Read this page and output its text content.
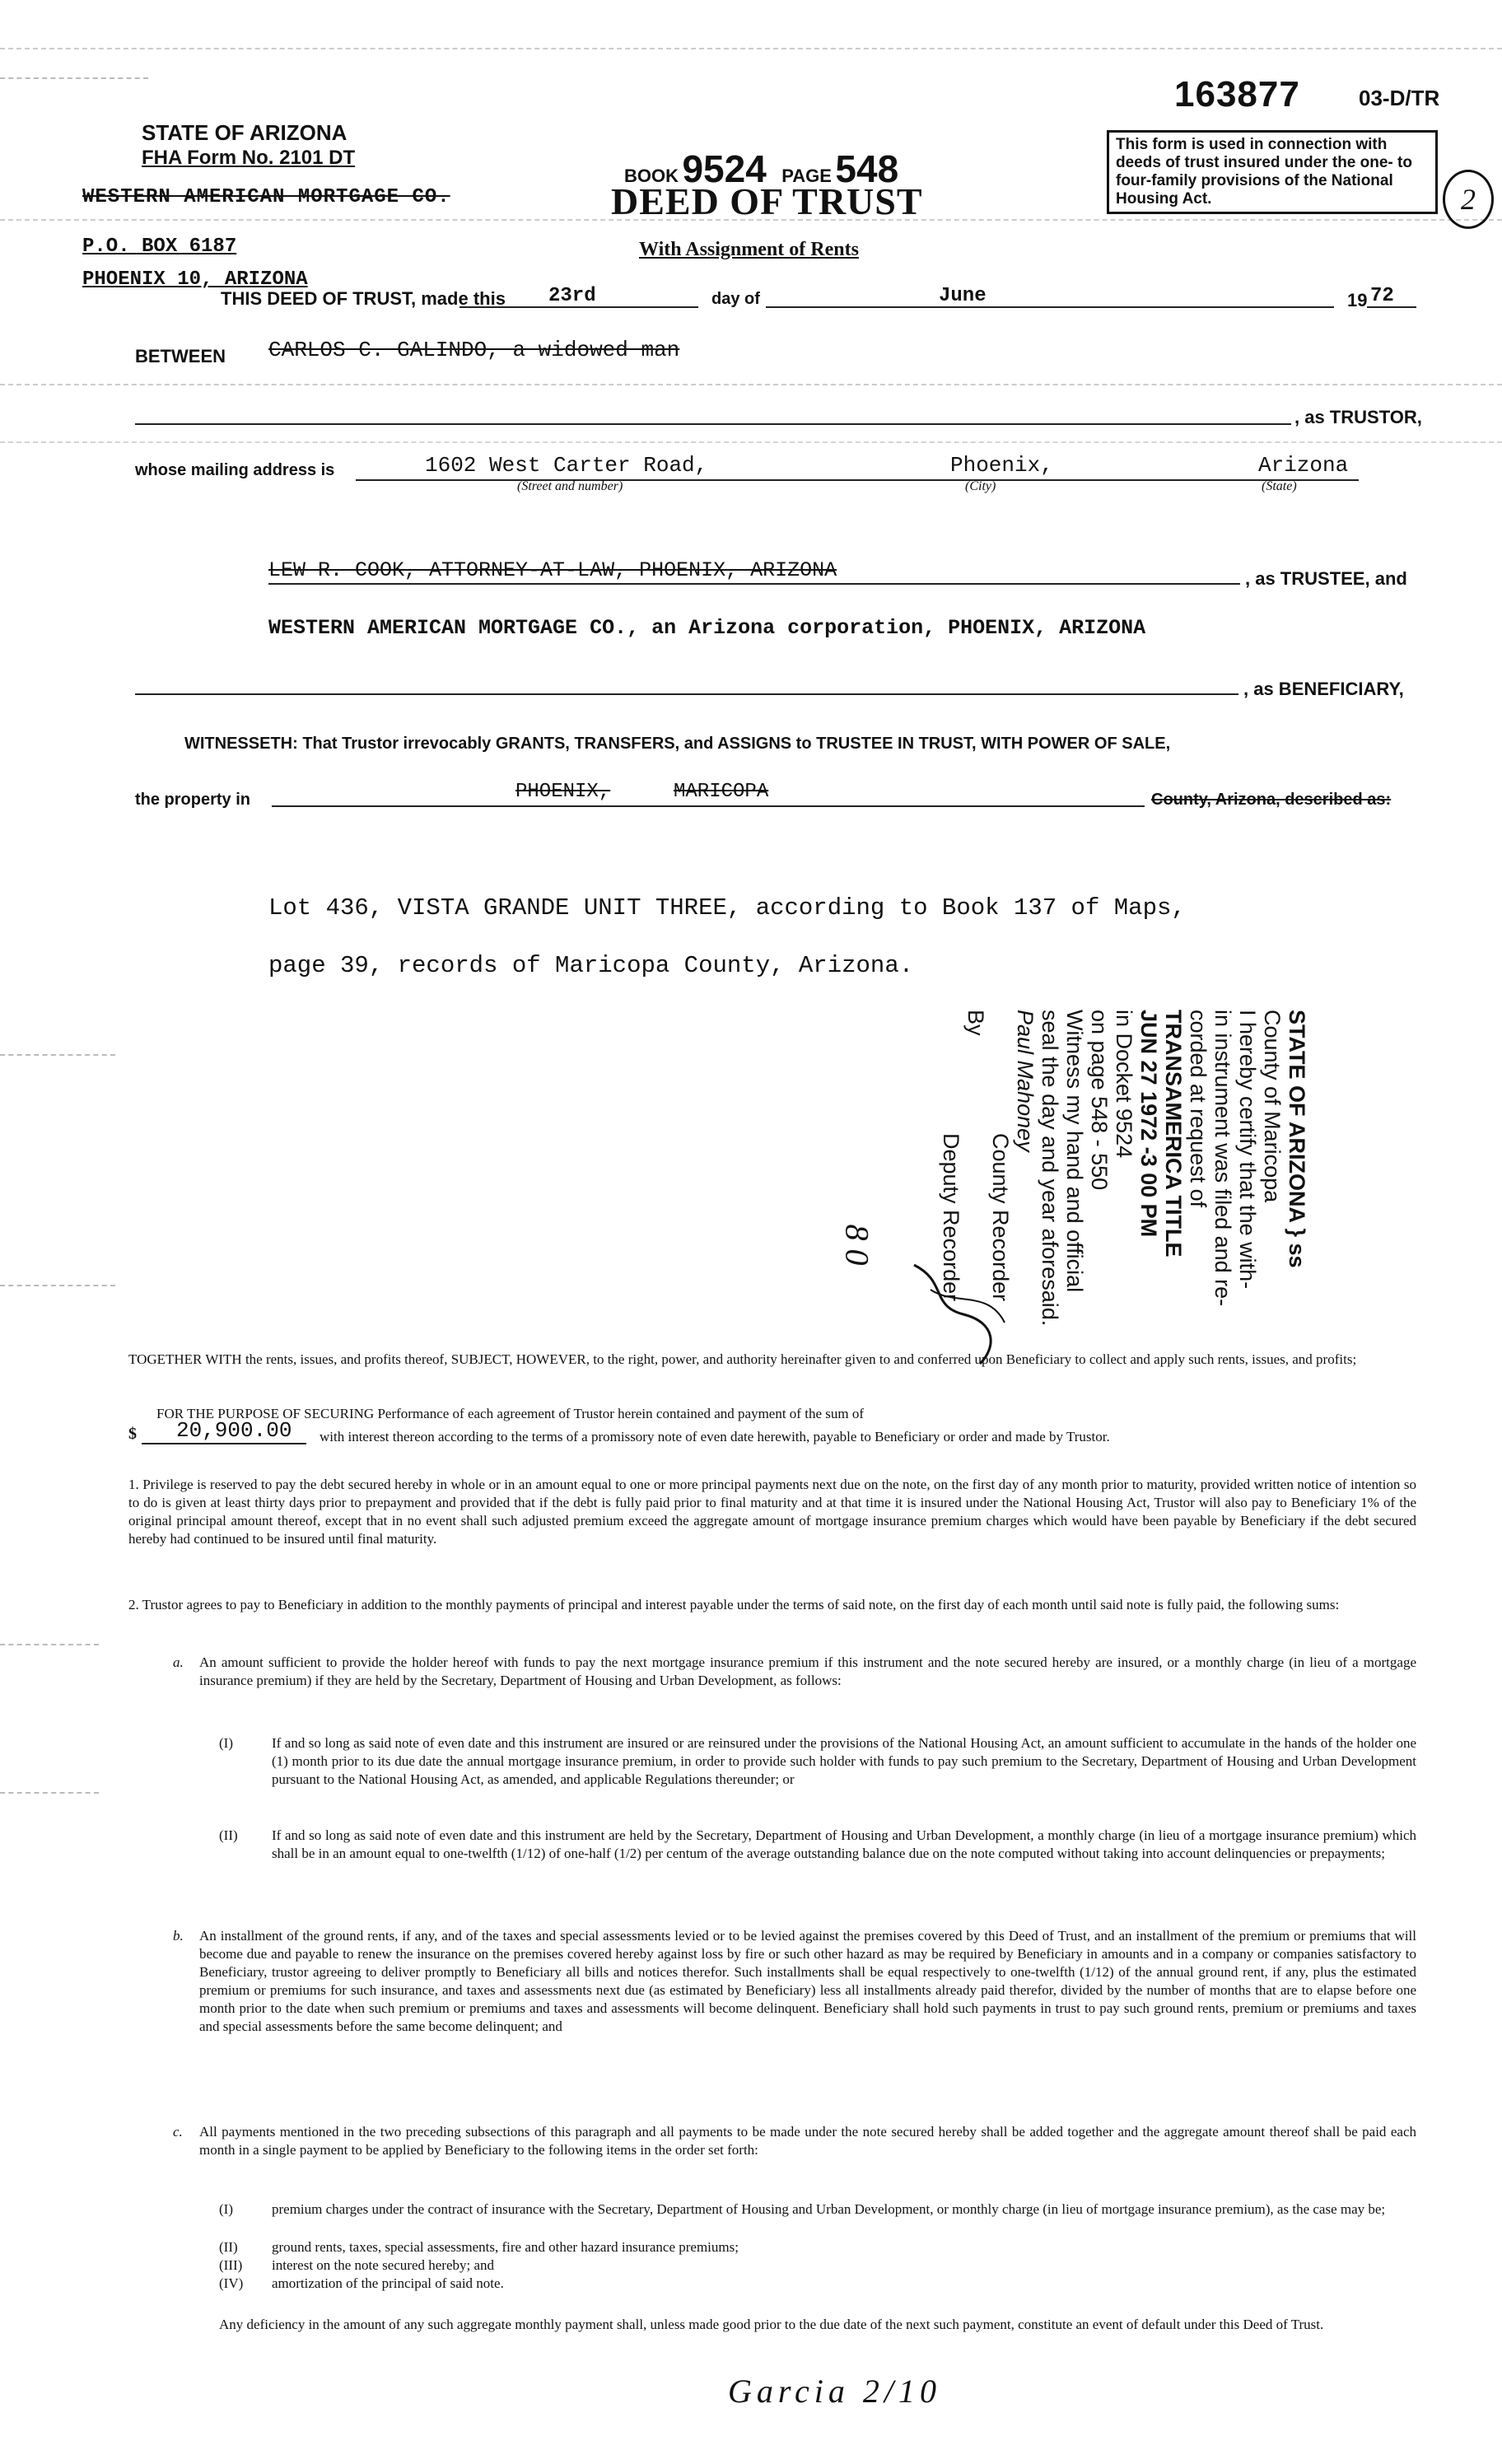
163877	03-D/TR
STATE OF ARIZONA
FHA Form No. 2101 DT
WESTERN AMERICAN MORTGAGE CO.
P.O. BOX 6187
PHOENIX 10, ARIZONA
BOOK 9524 PAGE 548
DEED OF TRUST
With Assignment of Rents
This form is used in connection with deeds of trust insured under the one- to four-family provisions of the National Housing Act.	2
THIS DEED OF TRUST, made this 23rd	day of	June	19 72
BETWEEN CARLOS C. GALINDO, a widowed man
, as TRUSTOR,
whose mailing address is	1602 West Carter Road,
(Street and number)
Phoenix,
(City)
Arizona
(State)
LEW R. COOK, ATTORNEY-AT-LAW, PHOENIX, ARIZONA	, as TRUSTEE, and
WESTERN AMERICAN MORTGAGE CO., an Arizona corporation, PHOENIX, ARIZONA
, as BENEFICIARY,
WITNESSETH: That Trustor irrevocably GRANTS, TRANSFERS, and ASSIGNS to TRUSTEE IN TRUST, WITH POWER OF SALE,
the property in	PHOENIX,	MARICOPA	County, Arizona, described as:
Lot 436, VISTA GRANDE UNIT THREE, according to Book 137 of Maps,
page 39, records of Maricopa County, Arizona.
STATE OF ARIZONA } ss
County of Maricopa
I hereby certify that the with-
in instrument was filed and re-
corded at request of
TRANSAMERICA TITLE
JUN 27 1972 -3 00 PM
in Docket 9524
on page 548 - 550
Witness my hand and official
seal the day and year aforesaid.
Paul Mahoney
County Recorder
By
Deputy Recorder
8 0
TOGETHER WITH the rents, issues, and profits thereof, SUBJECT, HOWEVER, to the right, power, and authority hereinafter given to and conferred upon Beneficiary to collect and apply such rents, issues, and profits;
FOR THE PURPOSE OF SECURING Performance of each agreement of Trustor herein contained and payment of the sum of
$ 20,900.00 with interest thereon according to the terms of a promissory note of even date herewith, payable to Beneficiary or order and made by Trustor.
1. Privilege is reserved to pay the debt secured hereby in whole or in an amount equal to one or more principal payments next due on the note, on the first day of any month prior to maturity, provided written notice of intention so to do is given at least thirty days prior to prepayment and provided that if the debt is fully paid prior to final maturity and at that time it is insured under the National Housing Act, Trustor will also pay to Beneficiary 1% of the original principal amount thereof, except that in no event shall such adjusted premium exceed the aggregate amount of mortgage insurance premium charges which would have been payable by Beneficiary if the debt secured hereby had continued to be insured until final maturity.
2. Trustor agrees to pay to Beneficiary in addition to the monthly payments of principal and interest payable under the terms of said note, on the first day of each month until said note is fully paid, the following sums:
a. An amount sufficient to provide the holder hereof with funds to pay the next mortgage insurance premium if this instrument and the note secured hereby are insured, or a monthly charge (in lieu of a mortgage insurance premium) if they are held by the Secretary, Department of Housing and Urban Development, as follows:
(I)	If and so long as said note of even date and this instrument are insured or are reinsured under the provisions of the National Housing Act, an amount sufficient to accumulate in the hands of the holder one (1) month prior to its due date the annual mortgage insurance premium, in order to provide such holder with funds to pay such premium to the Secretary, Department of Housing and Urban Development pursuant to the National Housing Act, as amended, and applicable Regulations thereunder; or
(II) If and so long as said note of even date and this instrument are held by the Secretary, Department of Housing and Urban Development, a monthly charge (in lieu of a mortgage insurance premium) which shall be in an amount equal to one-twelfth (1/12) of one-half (1/2) per centum of the average outstanding balance due on the note computed without taking into account delinquencies or prepayments;
b. An installment of the ground rents, if any, and of the taxes and special assessments levied or to be levied against the premises covered by this Deed of Trust, and an installment of the premium or premiums that will become due and payable to renew the insurance on the premises covered hereby against loss by fire or such other hazard as may be required by Beneficiary in amounts and in a company or companies satisfactory to Beneficiary, trustor agreeing to deliver promptly to Beneficiary all bills and notices therefor. Such installments shall be equal respectively to one-twelfth (1/12) of the annual ground rent, if any, plus the estimated premium or premiums for such insurance, and taxes and assessments next due (as estimated by Beneficiary) less all installments already paid therefor, divided by the number of months that are to elapse before one month prior to the date when such premium or premiums and taxes and assessments will become delinquent. Beneficiary shall hold such payments in trust to pay such ground rents, premium or premiums and taxes and special assessments before the same become delinquent; and
c. All payments mentioned in the two preceding subsections of this paragraph and all payments to be made under the note secured hereby shall be added together and the aggregate amount thereof shall be paid each month in a single payment to be applied by Beneficiary to the following items in the order set forth:
(I)	premium charges under the contract of insurance with the Secretary, Department of Housing and Urban Development, or monthly charge (in lieu of mortgage insurance premium), as the case may be;
(II) ground rents, taxes, special assessments, fire and other hazard insurance premiums;
(III) interest on the note secured hereby; and
(IV) amortization of the principal of said note.
Any deficiency in the amount of any such aggregate monthly payment shall, unless made good prior to the due date of the next such payment, constitute an event of default under this Deed of Trust.
Garcia 2/10
